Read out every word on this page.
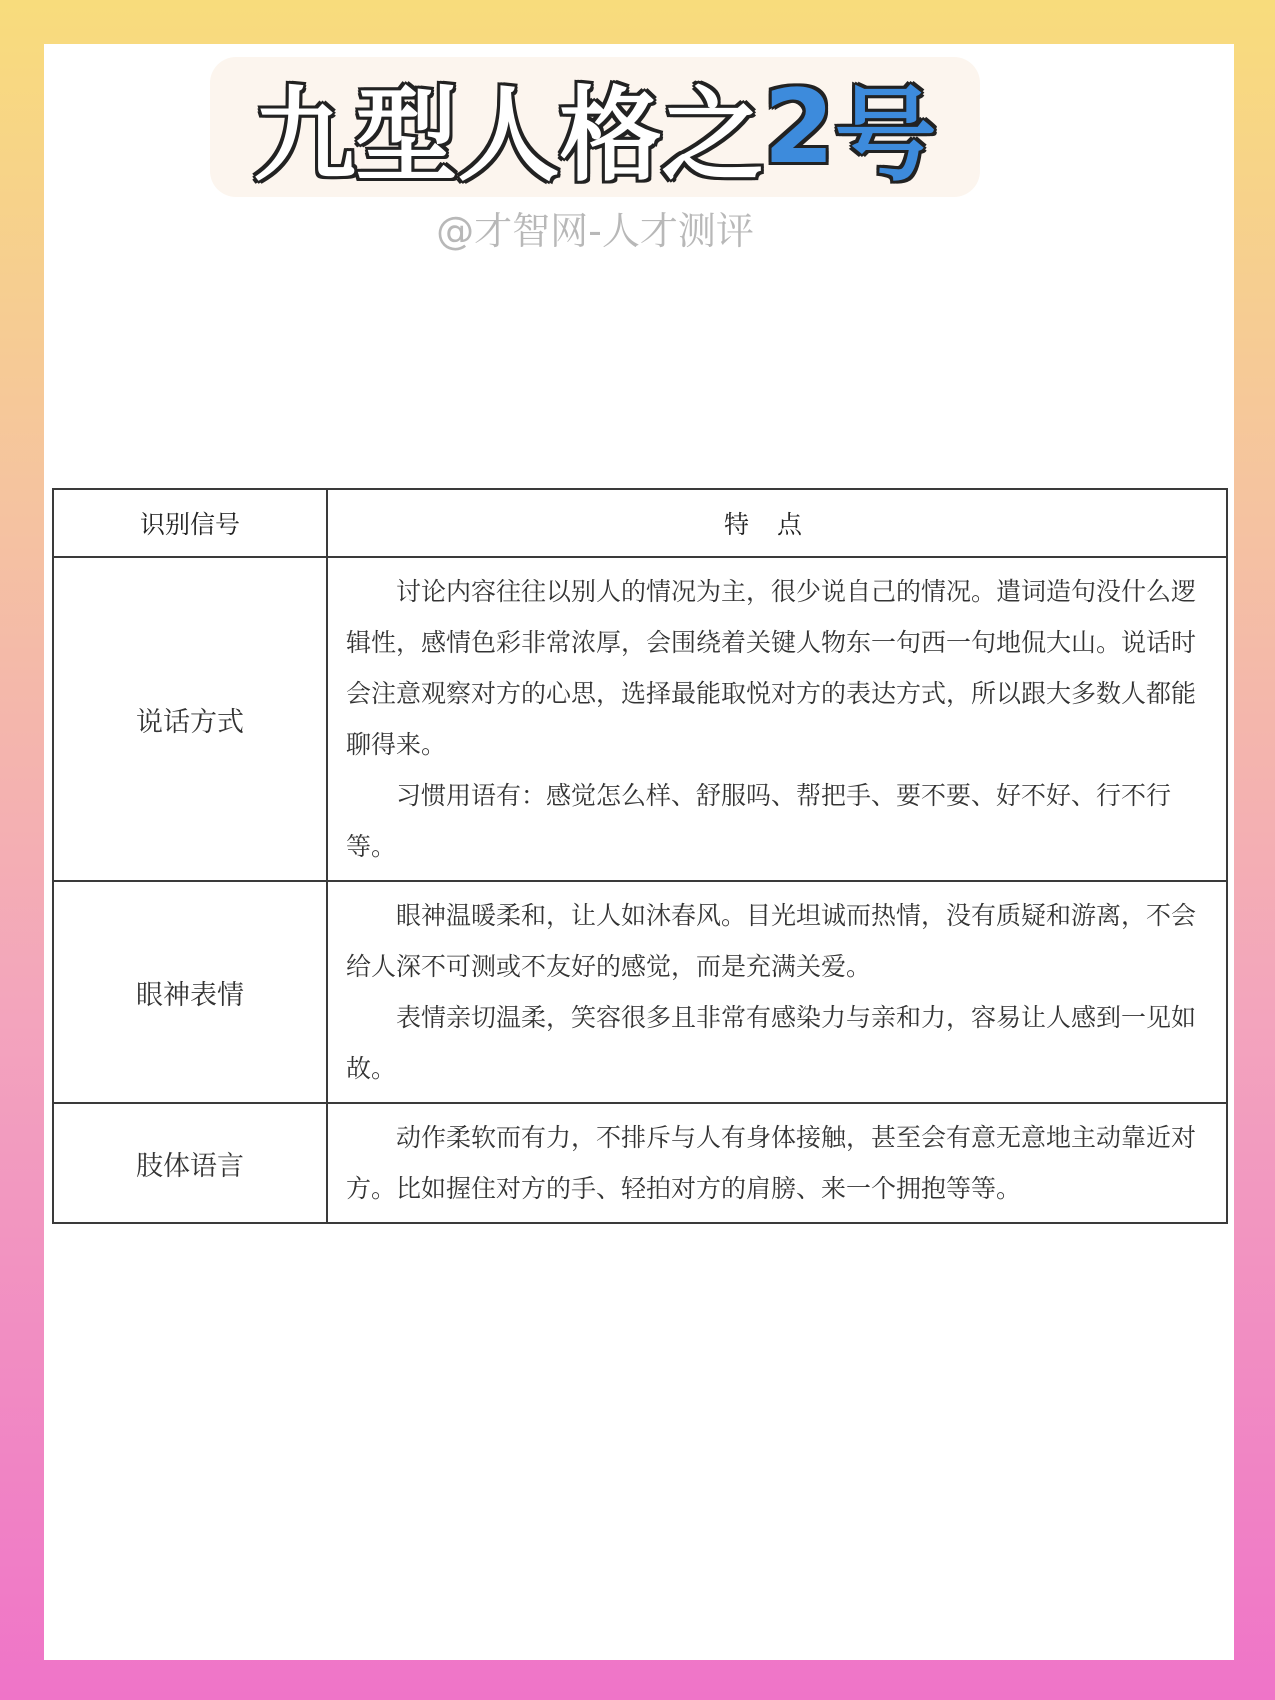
九型人格之 2 号
@才智网-人才测评
识别信号	特点
说话方式	讨论内容往往以别人的情况为主，很少说自己的情况。遣词造句没什么逻辑性，感情色彩非常浓厚，会围绕着关键人物东一句西一句地侃大山。说话时会注意观察对方的心思，选择最能取悦对方的表达方式，所以跟大多数人都能聊得来。

习惯用语有：感觉怎么样、舒服吗、帮把手、要不要、好不好、行不行等。

眼神表情	眼神温暖柔和，让人如沐春风。目光坦诚而热情，没有质疑和游离，不会给人深不可测或不友好的感觉，而是充满关爱。

表情亲切温柔，笑容很多且非常有感染力与亲和力，容易让人感到一见如故。

肢体语言	动作柔软而有力，不排斥与人有身体接触，甚至会有意无意地主动靠近对方。比如握住对方的手、轻拍对方的肩膀、来一个拥抱等等。
